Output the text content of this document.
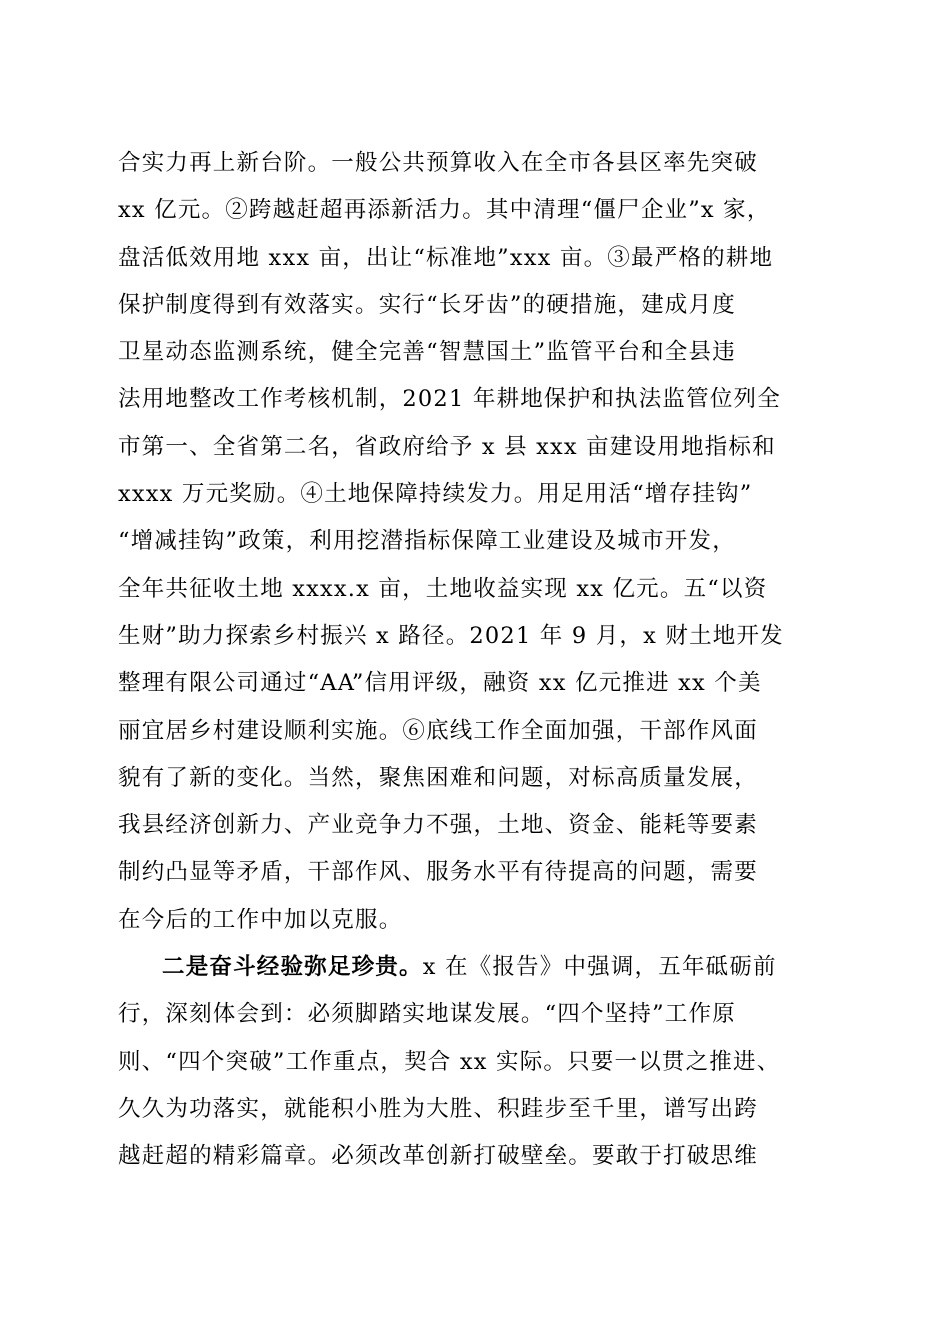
合实力再上新台阶。一般公共预算收入在全市各县区率先突破
xx 亿元。②跨越赶超再添新活力。其中清理“僵尸企业”x 家，
盘活低效用地 xxx 亩，出让“标准地”xxx 亩。③最严格的耕地
保护制度得到有效落实。实行“长牙齿”的硬措施，建成月度
卫星动态监测系统，健全完善“智慧国土”监管平台和全县违
法用地整改工作考核机制，2021 年耕地保护和执法监管位列全
市第一、全省第二名，省政府给予 x 县 xxx 亩建设用地指标和
xxxx 万元奖励。④土地保障持续发力。用足用活“增存挂钩”
“增减挂钩”政策，利用挖潜指标保障工业建设及城市开发，
全年共征收土地 xxxx.x 亩，土地收益实现 xx 亿元。五“以资
生财”助力探索乡村振兴 x 路径。2021 年 9 月，x 财土地开发
整理有限公司通过“AA”信用评级，融资 xx 亿元推进 xx 个美
丽宜居乡村建设顺利实施。⑥底线工作全面加强，干部作风面
貌有了新的变化。当然，聚焦困难和问题，对标高质量发展，
我县经济创新力、产业竞争力不强，土地、资金、能耗等要素
制约凸显等矛盾，干部作风、服务水平有待提高的问题，需要
在今后的工作中加以克服。
二是奋斗经验弥足珍贵。x 在《报告》中强调，五年砥砺前
行，深刻体会到：必须脚踏实地谋发展。“四个坚持”工作原
则、“四个突破”工作重点，契合 xx 实际。只要一以贯之推进、
久久为功落实，就能积小胜为大胜、积跬步至千里，谱写出跨
越赶超的精彩篇章。必须改革创新打破壁垒。要敢于打破思维
